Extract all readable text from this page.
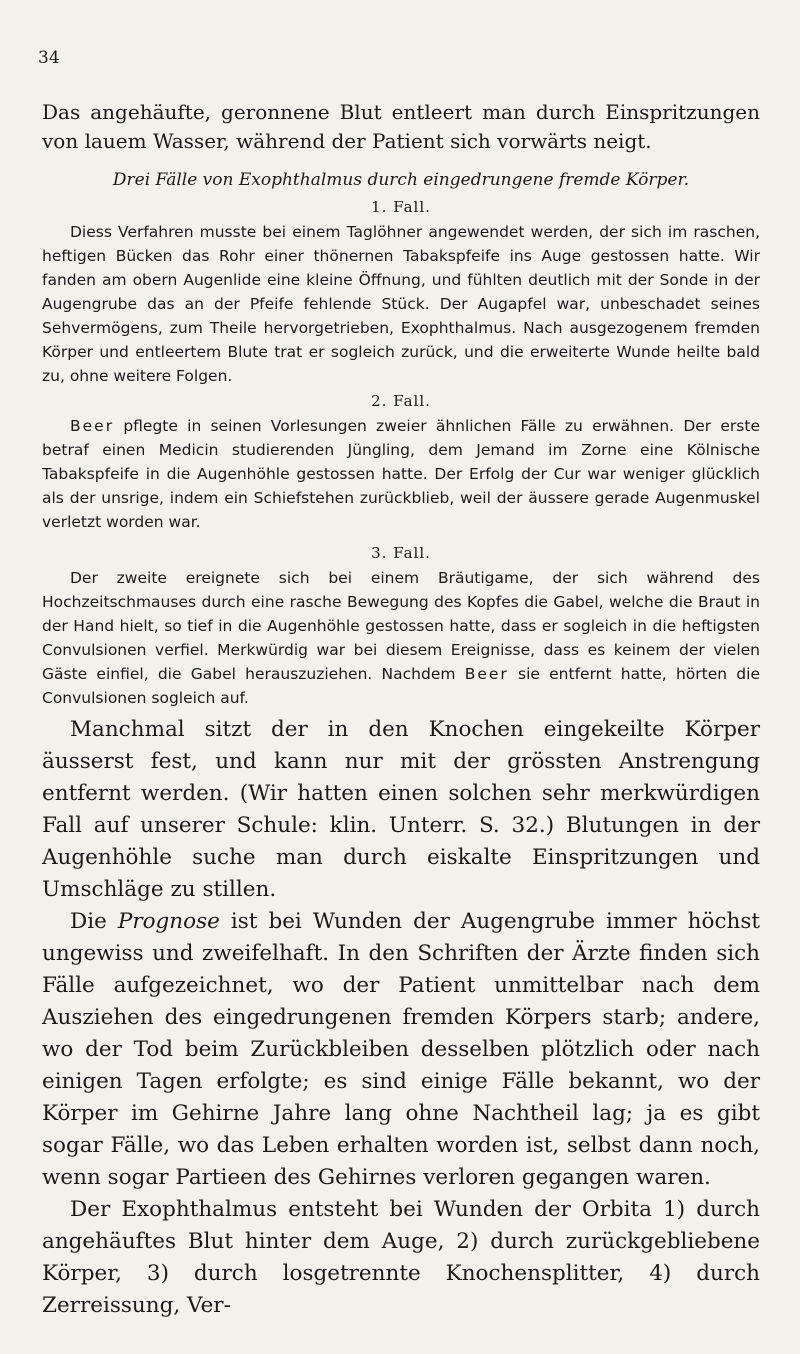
34

Das angehäufte, geronnene Blut entleert man durch Einspritzungen von lauem Wasser, während der Patient sich vorwärts neigt.

Drei Fälle von Exophthalmus durch eingedrungene fremde Körper.
1. Fall.

Diess Verfahren musste bei einem Taglöhner angewendet werden, der sich im raschen, heftigen Bücken das Rohr einer thönernen Tabakspfeife ins Auge gestossen hatte. Wir fanden am obern Augenlide eine kleine Öffnung, und fühlten deutlich mit der Sonde in der Augengrube das an der Pfeife fehlende Stück. Der Augapfel war, unbeschadet seines Sehvermögens, zum Theile hervorgetrieben, Exophthalmus. Nach ausgezogenem fremden Körper und entleertem Blute trat er sogleich zurück, und die erweiterte Wunde heilte bald zu, ohne weitere Folgen.

2. Fall.

Beer pflegte in seinen Vorlesungen zweier ähnlichen Fälle zu erwähnen. Der erste betraf einen Medicin studierenden Jüngling, dem Jemand im Zorne eine Kölnische Tabakspfeife in die Augenhöhle gestossen hatte. Der Erfolg der Cur war weniger glücklich als der unsrige, indem ein Schiefstehen zurückblieb, weil der äussere gerade Augenmuskel verletzt worden war.

3. Fall.

Der zweite ereignete sich bei einem Bräutigame, der sich während des Hochzeitschmauses durch eine rasche Bewegung des Kopfes die Gabel, welche die Braut in der Hand hielt, so tief in die Augenhöhle gestossen hatte, dass er sogleich in die heftigsten Convulsionen verfiel. Merkwürdig war bei diesem Ereignisse, dass es keinem der vielen Gäste einfiel, die Gabel herauszuziehen. Nachdem Beer sie entfernt hatte, hörten die Convulsionen sogleich auf.

Manchmal sitzt der in den Knochen eingekeilte Körper äusserst fest, und kann nur mit der grössten Anstrengung entfernt werden. (Wir hatten einen solchen sehr merkwürdigen Fall auf unserer Schule: klin. Unterr. S. 32.) Blutungen in der Augenhöhle suche man durch eiskalte Einspritzungen und Umschläge zu stillen.

Die Prognose ist bei Wunden der Augengrube immer höchst ungewiss und zweifelhaft. In den Schriften der Ärzte finden sich Fälle aufgezeichnet, wo der Patient unmittelbar nach dem Ausziehen des eingedrungenen fremden Körpers starb; andere, wo der Tod beim Zurückbleiben desselben plötzlich oder nach einigen Tagen erfolgte; es sind einige Fälle bekannt, wo der Körper im Gehirne Jahre lang ohne Nachtheil lag; ja es gibt sogar Fälle, wo das Leben erhalten worden ist, selbst dann noch, wenn sogar Partieen des Gehirnes verloren gegangen waren.

Der Exophthalmus entsteht bei Wunden der Orbita 1) durch angehäuftes Blut hinter dem Auge, 2) durch zurückgebliebene Körper, 3) durch losgetrennte Knochensplitter, 4) durch Zerreissung, Ver-
